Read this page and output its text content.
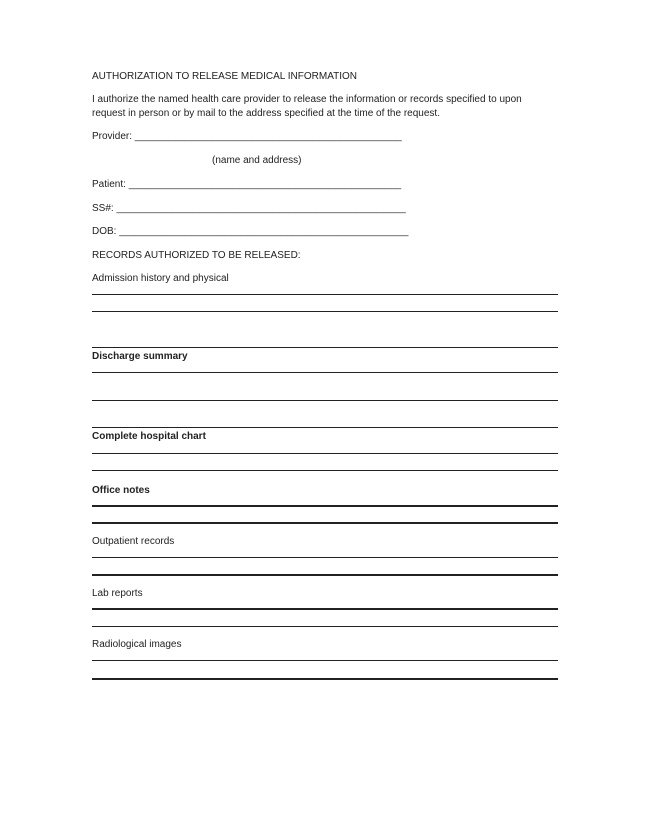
AUTHORIZATION TO RELEASE MEDICAL INFORMATION
I authorize the named health care provider to release the information or records specified to upon
request in person or by mail to the address specified at the time of the request.
Provider: ________________________________________________
(name and address)
Patient: _________________________________________________
SS#: ____________________________________________________
DOB: ____________________________________________________
RECORDS AUTHORIZED TO BE RELEASED:
Admission history and physical
Discharge summary
Complete hospital chart
Office notes
Outpatient records
Lab reports
Radiological images
